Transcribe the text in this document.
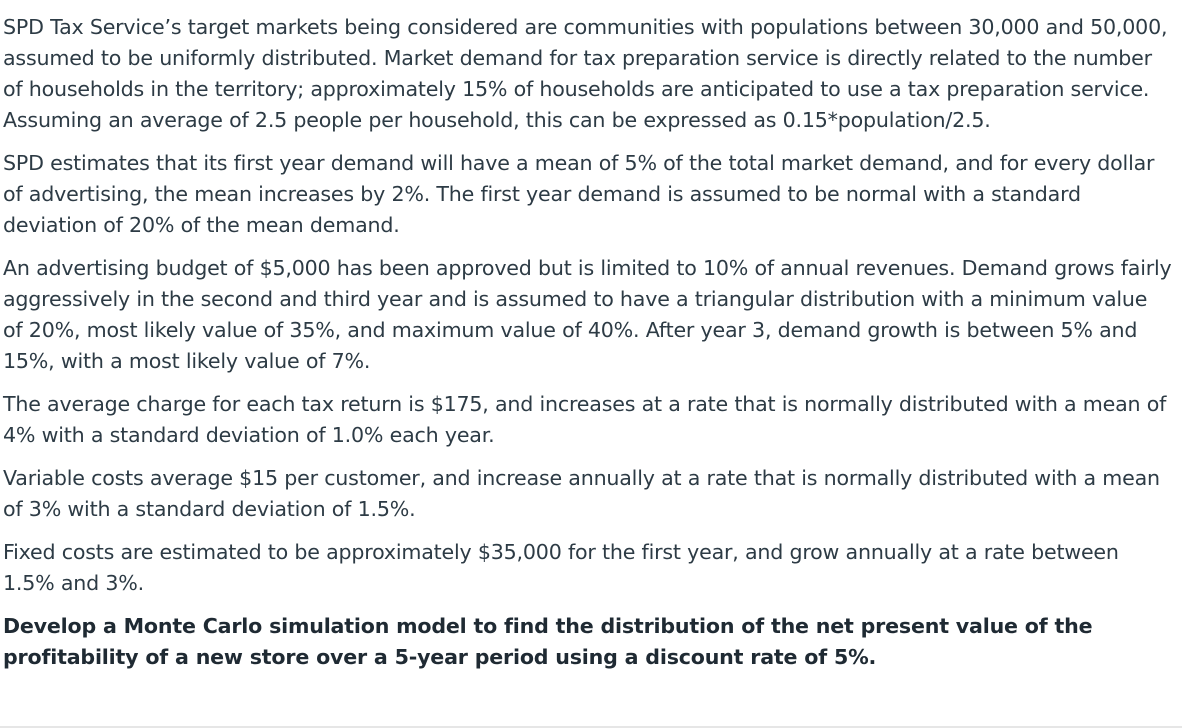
SPD Tax Service’s target markets being considered are communities with populations between 30,000 and 50,000, assumed to be uniformly distributed. Market demand for tax preparation service is directly related to the number of households in the territory; approximately 15% of households are anticipated to use a tax preparation service. Assuming an average of 2.5 people per household, this can be expressed as 0.15*population/2.5.

SPD estimates that its first year demand will have a mean of 5% of the total market demand, and for every dollar of advertising, the mean increases by 2%. The first year demand is assumed to be normal with a standard deviation of 20% of the mean demand.

An advertising budget of $5,000 has been approved but is limited to 10% of annual revenues. Demand grows fairly aggressively in the second and third year and is assumed to have a triangular distribution with a minimum value of 20%, most likely value of 35%, and maximum value of 40%. After year 3, demand growth is between 5% and 15%, with a most likely value of 7%.

The average charge for each tax return is $175, and increases at a rate that is normally distributed with a mean of 4% with a standard deviation of 1.0% each year.

Variable costs average $15 per customer, and increase annually at a rate that is normally distributed with a mean of 3% with a standard deviation of 1.5%.

Fixed costs are estimated to be approximately $35,000 for the first year, and grow annually at a rate between 1.5% and 3%.

Develop a Monte Carlo simulation model to find the distribution of the net present value of the profitability of a new store over a 5-year period using a discount rate of 5%.
